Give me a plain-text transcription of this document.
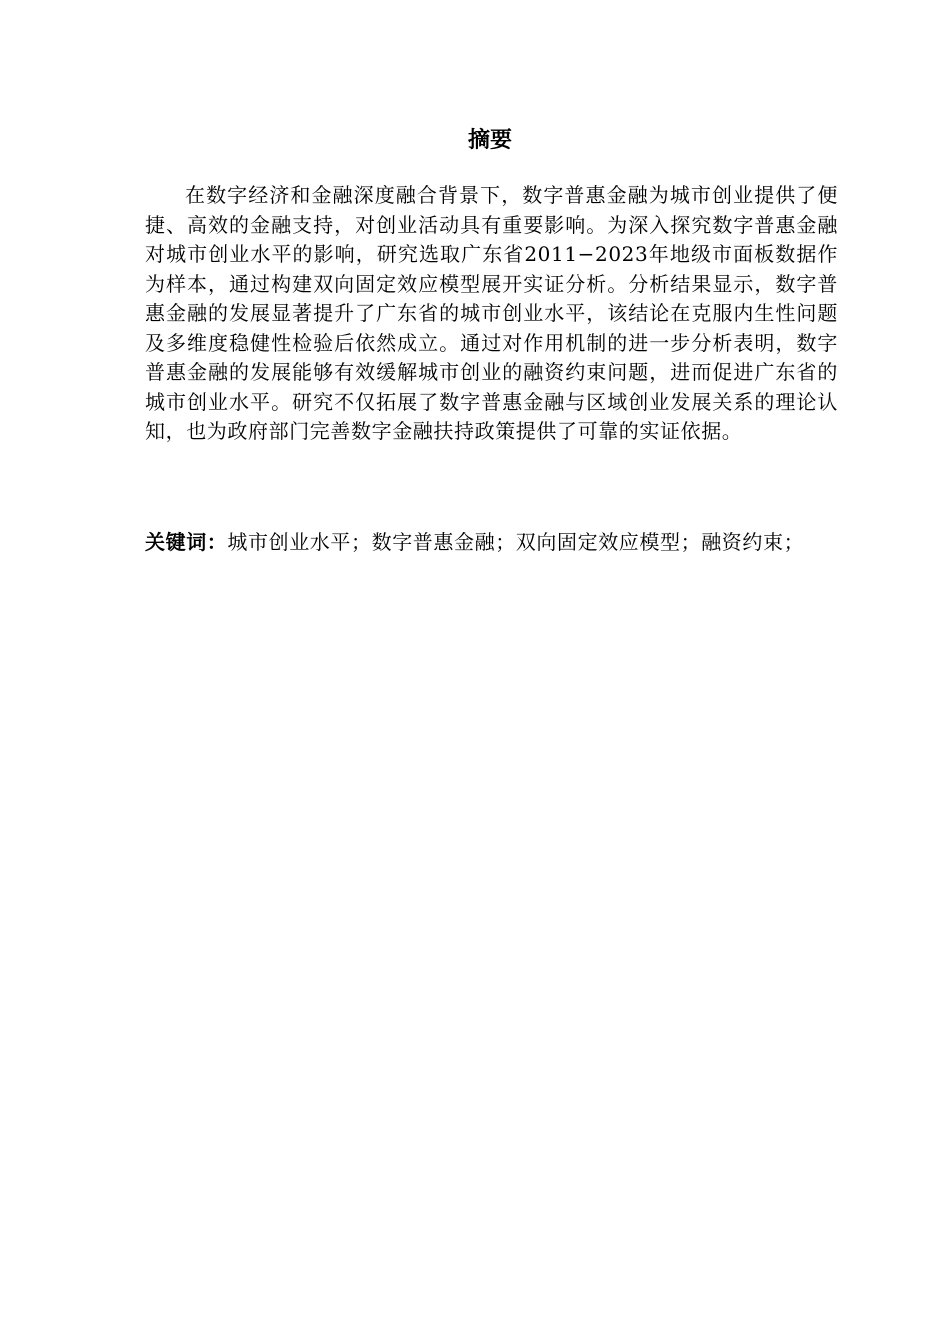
摘要

在数字经济和金融深度融合背景下，数字普惠金融为城市创业提供了便捷、高效的金融支持，对创业活动具有重要影响。为深入探究数字普惠金融对城市创业水平的影响，研究选取广东省2011−2023年地级市面板数据作为样本，通过构建双向固定效应模型展开实证分析。分析结果显示，数字普惠金融的发展显著提升了广东省的城市创业水平，该结论在克服内生性问题及多维度稳健性检验后依然成立。通过对作用机制的进一步分析表明，数字普惠金融的发展能够有效缓解城市创业的融资约束问题，进而促进广东省的城市创业水平。研究不仅拓展了数字普惠金融与区域创业发展关系的理论认知，也为政府部门完善数字金融扶持政策提供了可靠的实证依据。

关键词：城市创业水平；数字普惠金融；双向固定效应模型；融资约束；
